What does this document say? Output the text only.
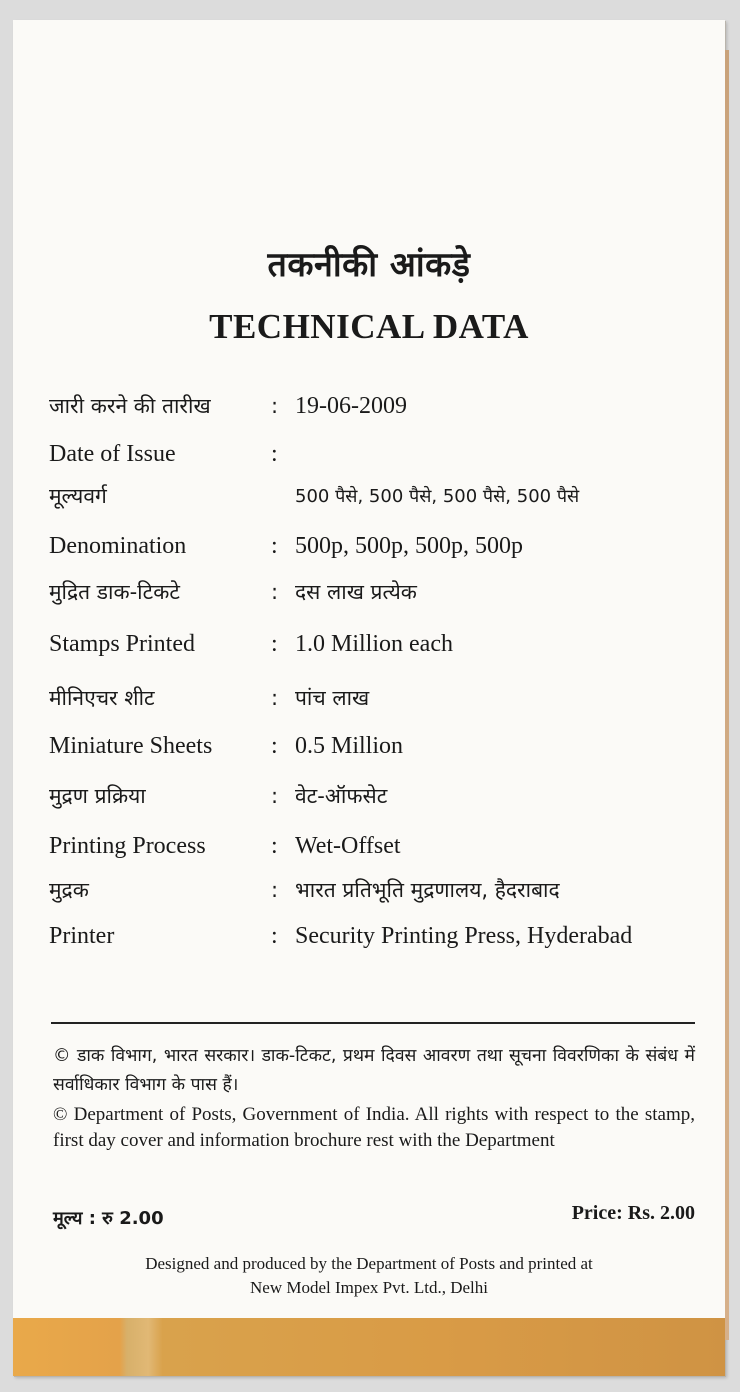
तकनीकी आंकड़े
TECHNICAL DATA
जारी करने की तारीख	: 19-06-2009
Date of Issue	:
मूल्यवर्ग	500 पैसे, 500 पैसे, 500 पैसे, 500 पैसे
Denomination	: 500p, 500p, 500p, 500p
मुद्रित डाक-टिकटे	: दस लाख प्रत्येक
Stamps Printed	: 1.0 Million each
मीनिएचर शीट	: पांच लाख
Miniature Sheets	: 0.5 Million
मुद्रण प्रक्रिया	: वेट-ऑफसेट
Printing Process	: Wet-Offset
मुद्रक	: भारत प्रतिभूति मुद्रणालय, हैदराबाद
Printer	: Security Printing Press, Hyderabad
© डाक विभाग, भारत सरकार। डाक-टिकट, प्रथम दिवस आवरण तथा सूचना विवरणिका के संबंध में सर्वाधिकार विभाग के पास हैं।
© Department of Posts, Government of India. All rights with respect to the stamp, first day cover and information brochure rest with the Department
मूल्य : रु 2.00	Price: Rs. 2.00
Designed and produced by the Department of Posts and printed at
New Model Impex Pvt. Ltd., Delhi
